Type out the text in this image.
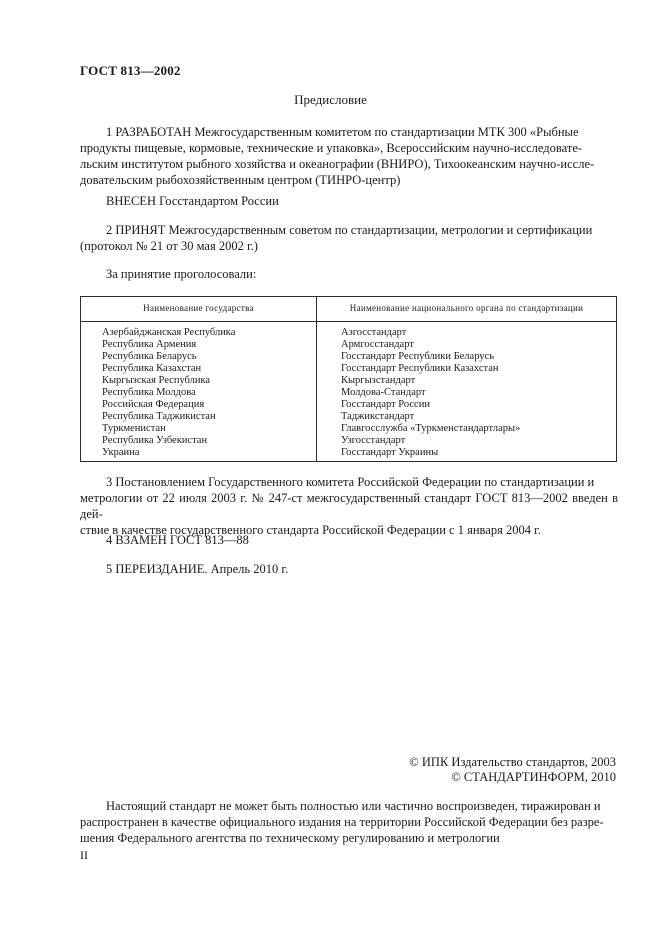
ГОСТ 813—2002
Предисловие
1 РАЗРАБОТАН Межгосударственным комитетом по стандартизации МТК 300 «Рыбные
продукты пищевые, кормовые, технические и упаковка», Всероссийским научно-исследовате-
льским институтом рыбного хозяйства и океанографии (ВНИРО), Тихоокеанским научно-иссле-
довательским рыбохозяйственным центром (ТИНРО-центр)
ВНЕСЕН Госстандартом России
2 ПРИНЯТ Межгосударственным советом по стандартизации, метрологии и сертификации
(протокол № 21 от 30 мая 2002 г.)
За принятие проголосовали:
Наименование государства	Наименование национального органа по стандартизации
Азербайджанская Республика
Республика Армения
Республика Беларусь
Республика Казахстан
Кыргызская Республика
Республика Молдова
Российская Федерация
Республика Таджикистан
Туркменистан
Республика Узбекистан
Украина
Азгосстандарт
Армгосстандарт
Госстандарт Республики Беларусь
Госстандарт Республики Казахстан
Кыргызстандарт
Молдова-Стандарт
Госстандарт России
Таджикстандарт
Главгосслужба «Туркменстандартлары»
Узгосстандарт
Госстандарт Украины
3 Постановлением Государственного комитета Российской Федерации по стандартизации и
метрологии от 22 июля 2003 г. № 247-ст межгосударственный стандарт ГОСТ 813—2002 введен в дей-
ствие в качестве государственного стандарта Российской Федерации с 1 января 2004 г.
4 ВЗАМЕН ГОСТ 813—88
5 ПЕРЕИЗДАНИЕ. Апрель 2010 г.
© ИПК Издательство стандартов, 2003
© СТАНДАРТИНФОРМ, 2010
Настоящий стандарт не может быть полностью или частично воспроизведен, тиражирован и
распространен в качестве официального издания на территории Российской Федерации без разре-
шения Федерального агентства по техническому регулированию и метрологии
II
